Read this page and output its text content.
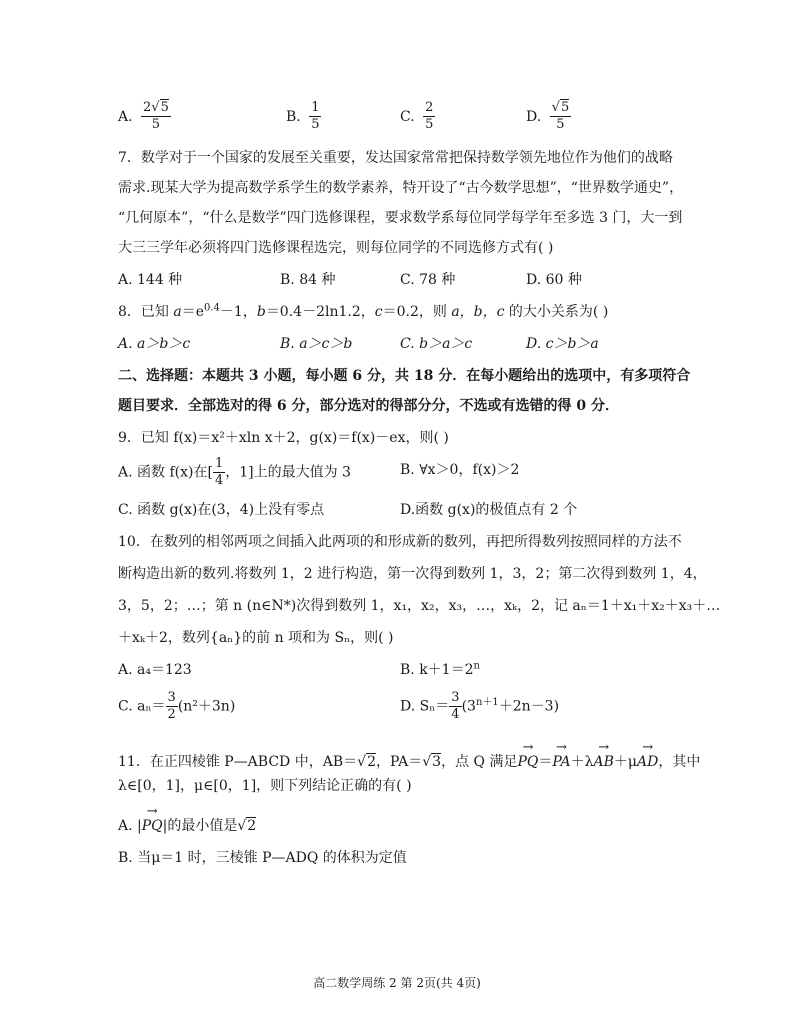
A. $\frac{2√5}{5}$	B. $\frac{1}{5}$	C. $\frac{2}{5}$	D. $\frac{√5}{5}$
7．数学对于一个国家的发展至关重要，发达国家常常把保持数学领先地位作为他们的战略
需求.现某大学为提高数学系学生的数学素养，特开设了“古今数学思想”，“世界数学通史”，
“几何原本”，“什么是数学”四门选修课程，要求数学系每位同学每学年至多选 3 门，大一到
大三三学年必须将四门选修课程选完，则每位同学的不同选修方式有( )
A. 144 种	B. 84 种	C. 78 种	D. 60 种
8．已知 $a=e^{0.4}-1$，b＝0.4－2ln1.2，c＝0.2，则 a，b，c 的大小关系为( )
A. a＞b＞c	B. a＞c＞b	C. b＞a＞c	D. c＞b＞a
二、选择题：本题共 3 小题，每小题 6 分，共 18 分．在每小题给出的选项中，有多项符合
题目要求．全部选对的得 6 分，部分选对的得部分分，不选或有选错的得 0 分．
9．已知 f(x)＝x²＋xln x＋2，g(x)＝f(x)－ex，则( )
A. 函数 f(x)在[ $\frac{1}{4}$ ，1]上的最大值为 3	B. ∀x＞0，f(x)＞2
C. 函数 g(x)在(3，4)上没有零点	D.函数 g(x)的极值点有 2 个
10．在数列的相邻两项之间插入此两项的和形成新的数列，再把所得数列按照同样的方法不
断构造出新的数列.将数列 1，2 进行构造，第一次得到数列 1，3，2；第二次得到数列 1，4，
3，5，2；…；第 n (n∈N*)次得到数列 1，x₁，x₂，x₃，…，xₖ，2，记 aₙ＝1＋x₁＋x₂＋x₃＋…
＋xₖ＋2，数列{aₙ}的前 n 项和为 Sₙ，则( )
A. a₄＝123	B. $k+1=2^n$
C. $a_n= \frac{3}{2} (n^2+3n)$	D. $S_n= \frac{3}{4} (3^{n+1}+2n-3)$
11．在正四棱锥 P—ABCD 中，AB＝√2，PA＝√3，点 Q 满足→ PQ＝→ PA＋λ→ AB＋μ→ AD，其中
λ∈[0，1]，μ∈[0，1]，则下列结论正确的有( )
A. |→ PQ|的最小值是√2
B. 当μ＝1 时，三棱锥 P—ADQ 的体积为定值
高二数学周练 2 第 2页(共 4页)
